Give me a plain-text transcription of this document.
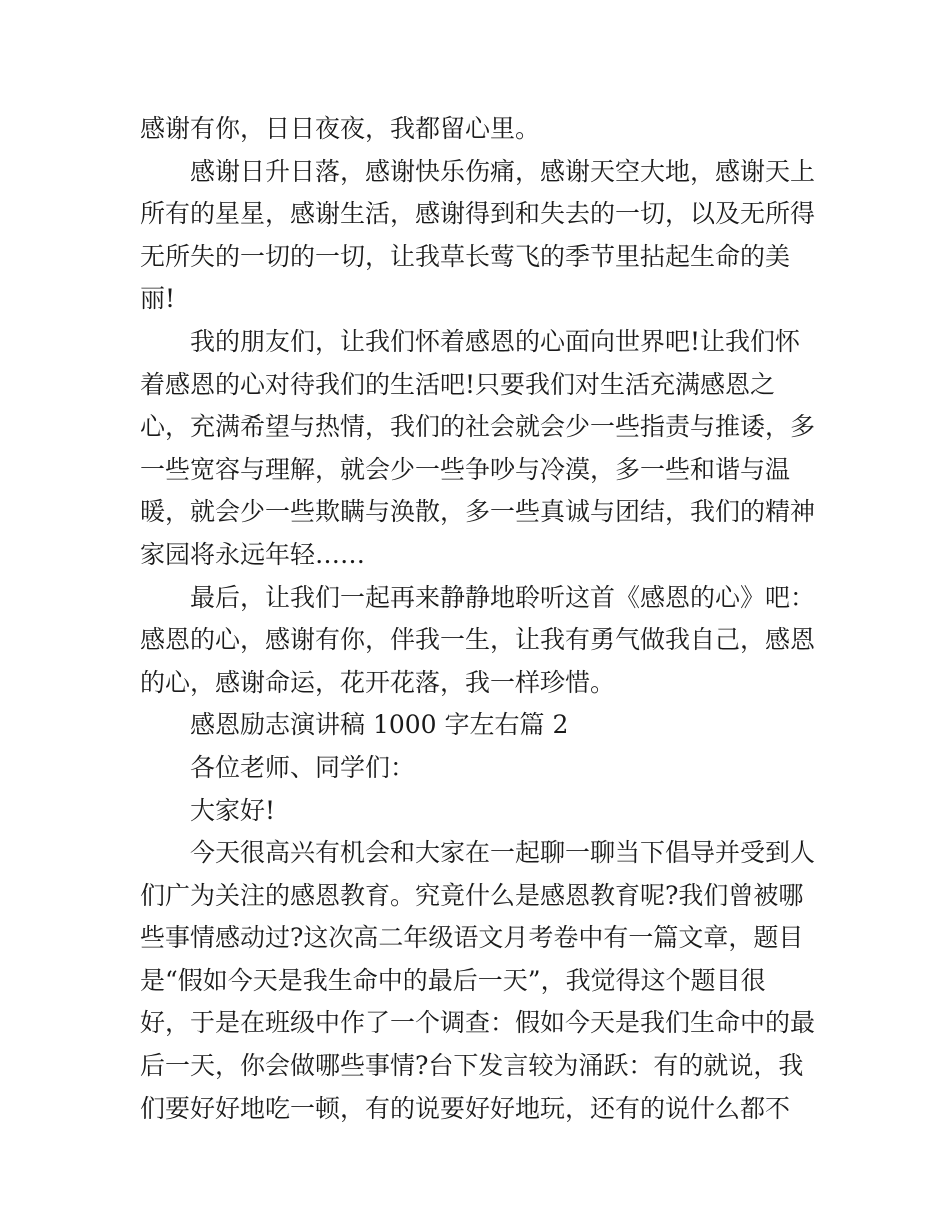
感谢有你，日日夜夜，我都留心里。
感谢日升日落，感谢快乐伤痛，感谢天空大地，感谢天上
所有的星星，感谢生活，感谢得到和失去的一切，以及无所得
无所失的一切的一切，让我草长莺飞的季节里拈起生命的美
丽!
我的朋友们，让我们怀着感恩的心面向世界吧!让我们怀
着感恩的心对待我们的生活吧!只要我们对生活充满感恩之
心，充满希望与热情，我们的社会就会少一些指责与推诿，多
一些宽容与理解，就会少一些争吵与冷漠，多一些和谐与温
暖，就会少一些欺瞒与涣散，多一些真诚与团结，我们的精神
家园将永远年轻……
最后，让我们一起再来静静地聆听这首《感恩的心》吧：
感恩的心，感谢有你，伴我一生，让我有勇气做我自己，感恩
的心，感谢命运，花开花落，我一样珍惜。
感恩励志演讲稿 1000 字左右篇 2
各位老师、同学们：
大家好!
今天很高兴有机会和大家在一起聊一聊当下倡导并受到人
们广为关注的感恩教育。究竟什么是感恩教育呢?我们曾被哪
些事情感动过?这次高二年级语文月考卷中有一篇文章，题目
是“假如今天是我生命中的最后一天”，我觉得这个题目很
好，于是在班级中作了一个调查：假如今天是我们生命中的最
后一天，你会做哪些事情?台下发言较为涌跃：有的就说，我
们要好好地吃一顿，有的说要好好地玩，还有的说什么都不
